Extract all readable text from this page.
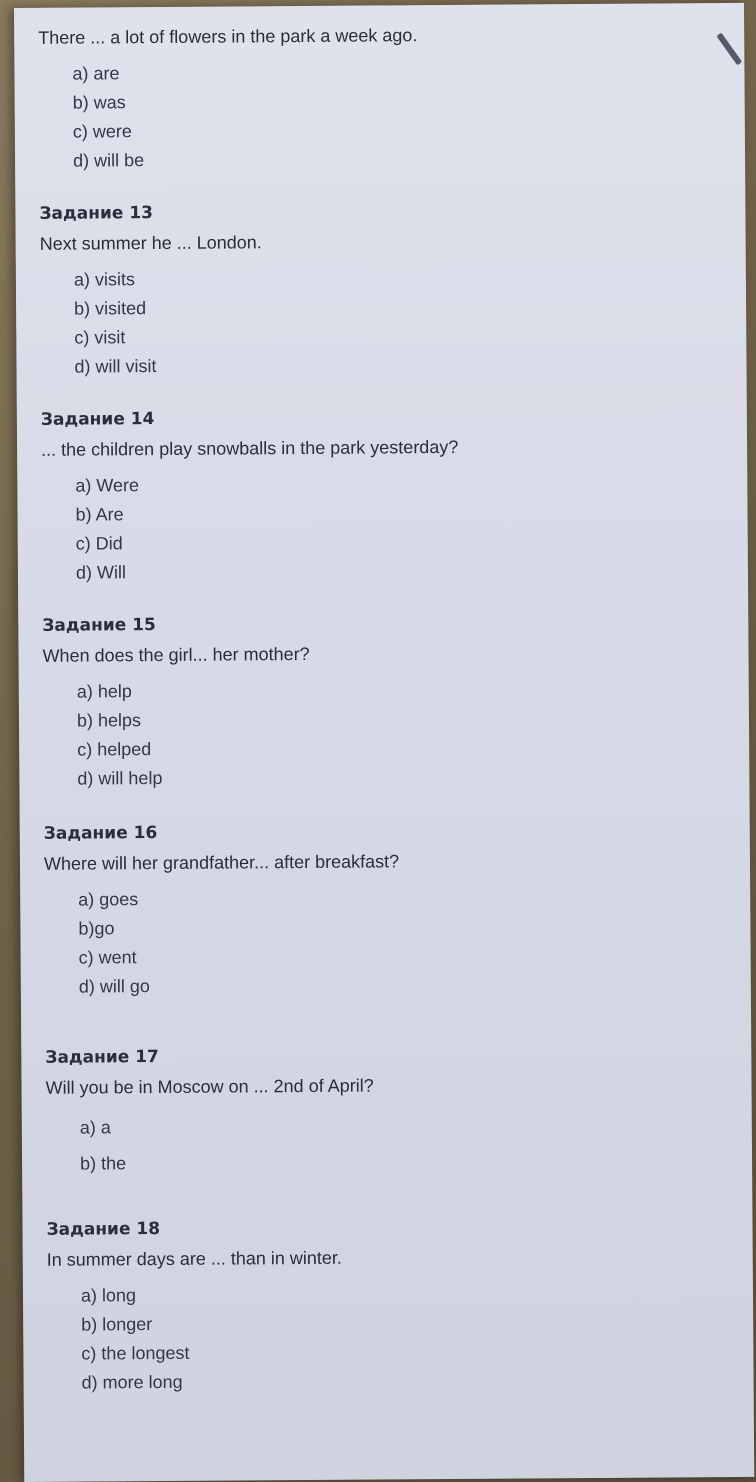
There ... a lot of flowers in the park a week ago.
a) are
b) was
c) were
d) will be
Задание 13
Next summer he ... London.
a) visits
b) visited
c) visit
d) will visit
Задание 14
... the children play snowballs in the park yesterday?
a) Were
b) Are
c) Did
d) Will
Задание 15
When does the girl... her mother?
a) help
b) helps
c) helped
d) will help
Задание 16
Where will her grandfather... after breakfast?
a) goes
b)go
c) went
d) will go
Задание 17
Will you be in Moscow on ... 2nd of April?
a) a
b) the
Задание 18
In summer days are ... than in winter.
a) long
b) longer
c) the longest
d) more long
